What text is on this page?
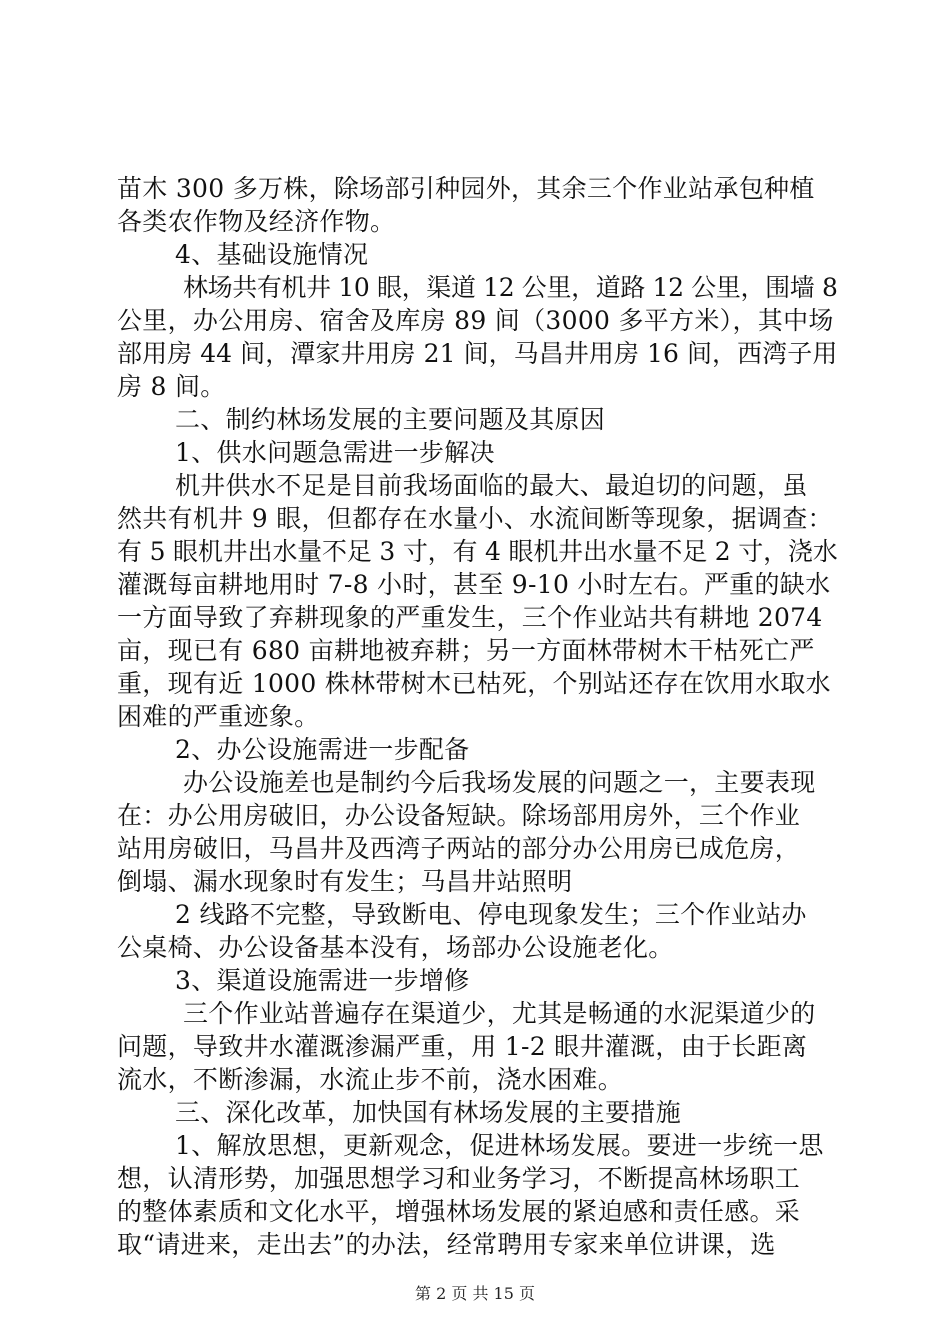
苗木 300 多万株，除场部引种园外，其余三个作业站承包种植
各类农作物及经济作物。
4、基础设施情况
林场共有机井 10 眼，渠道 12 公里，道路 12 公里，围墙 8
公里，办公用房、宿舍及库房 89 间（3000 多平方米），其中场
部用房 44 间，潭家井用房 21 间，马昌井用房 16 间，西湾子用
房 8 间。
二、制约林场发展的主要问题及其原因
1、供水问题急需进一步解决
机井供水不足是目前我场面临的最大、最迫切的问题，虽
然共有机井 9 眼，但都存在水量小、水流间断等现象，据调查：
有 5 眼机井出水量不足 3 寸，有 4 眼机井出水量不足 2 寸，浇水
灌溉每亩耕地用时 7-8 小时，甚至 9-10 小时左右。严重的缺水
一方面导致了弃耕现象的严重发生，三个作业站共有耕地 2074
亩，现已有 680 亩耕地被弃耕；另一方面林带树木干枯死亡严
重，现有近 1000 株林带树木已枯死，个别站还存在饮用水取水
困难的严重迹象。
2、办公设施需进一步配备
办公设施差也是制约今后我场发展的问题之一，主要表现
在：办公用房破旧，办公设备短缺。除场部用房外，三个作业
站用房破旧，马昌井及西湾子两站的部分办公用房已成危房，
倒塌、漏水现象时有发生；马昌井站照明
2 线路不完整，导致断电、停电现象发生；三个作业站办
公桌椅、办公设备基本没有，场部办公设施老化。
3、渠道设施需进一步增修
三个作业站普遍存在渠道少，尤其是畅通的水泥渠道少的
问题，导致井水灌溉渗漏严重，用 1-2 眼井灌溉，由于长距离
流水，不断渗漏，水流止步不前，浇水困难。
三、深化改革，加快国有林场发展的主要措施
1、解放思想，更新观念，促进林场发展。要进一步统一思
想，认清形势，加强思想学习和业务学习，不断提高林场职工
的整体素质和文化水平，增强林场发展的紧迫感和责任感。采
取“请进来，走出去”的办法，经常聘用专家来单位讲课，选
第 2 页 共 15 页
